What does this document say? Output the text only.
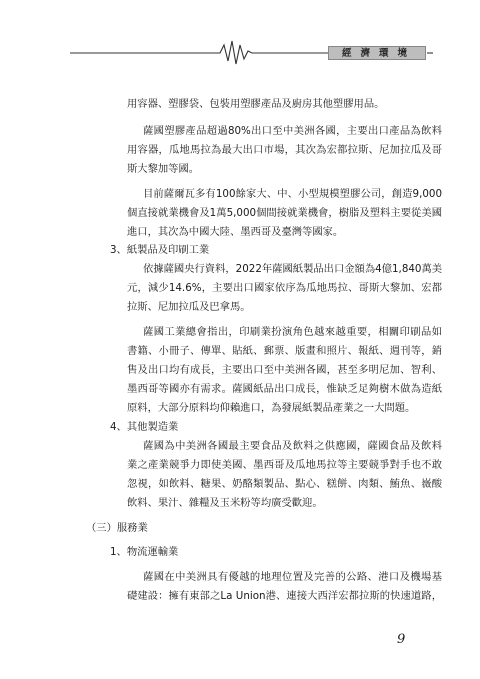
經濟環境
用容器、塑膠袋、包裝用塑膠產品及廚房其他塑膠用品。
薩國塑膠產品超過80%出口至中美洲各國，主要出口產品為飲料
用容器，瓜地馬拉為最大出口市場，其次為宏都拉斯、尼加拉瓜及哥
斯大黎加等國。
目前薩爾瓦多有100餘家大、中、小型規模塑膠公司，創造9,000
個直接就業機會及1萬5,000個間接就業機會，樹脂及塑料主要從美國
進口，其次為中國大陸、墨西哥及臺灣等國家。
3、紙製品及印刷工業
依據薩國央行資料，2022年薩國紙製品出口金額為4億1,840萬美
元，減少14.6%，主要出口國家依序為瓜地馬拉、哥斯大黎加、宏都
拉斯、尼加拉瓜及巴拿馬。
薩國工業總會指出，印刷業扮演角色越來越重要，相關印刷品如
書籍、小冊子、傳單、貼紙、郵票、版畫和照片、報紙、週刊等，銷
售及出口均有成長，主要出口至中美洲各國，甚至多明尼加、智利、
墨西哥等國亦有需求。薩國紙品出口成長，惟缺乏足夠樹木做為造紙
原料，大部分原料均仰賴進口，為發展紙製品產業之一大問題。
4、其他製造業
薩國為中美洲各國最主要食品及飲料之供應國，薩國食品及飲料
業之產業競爭力即使美國、墨西哥及瓜地馬拉等主要競爭對手也不敢
忽視，如飲料、糖果、奶酪類製品、點心、糕餅、肉類、鮪魚、嶶酸
飲料、果汁、雜糧及玉米粉等均廣受歡迎。
（三）服務業
1、物流運輸業
薩國在中美洲具有優越的地理位置及完善的公路、港口及機場基
礎建設：擁有東部之La Union港、連接大西洋宏都拉斯的快速道路，
9
